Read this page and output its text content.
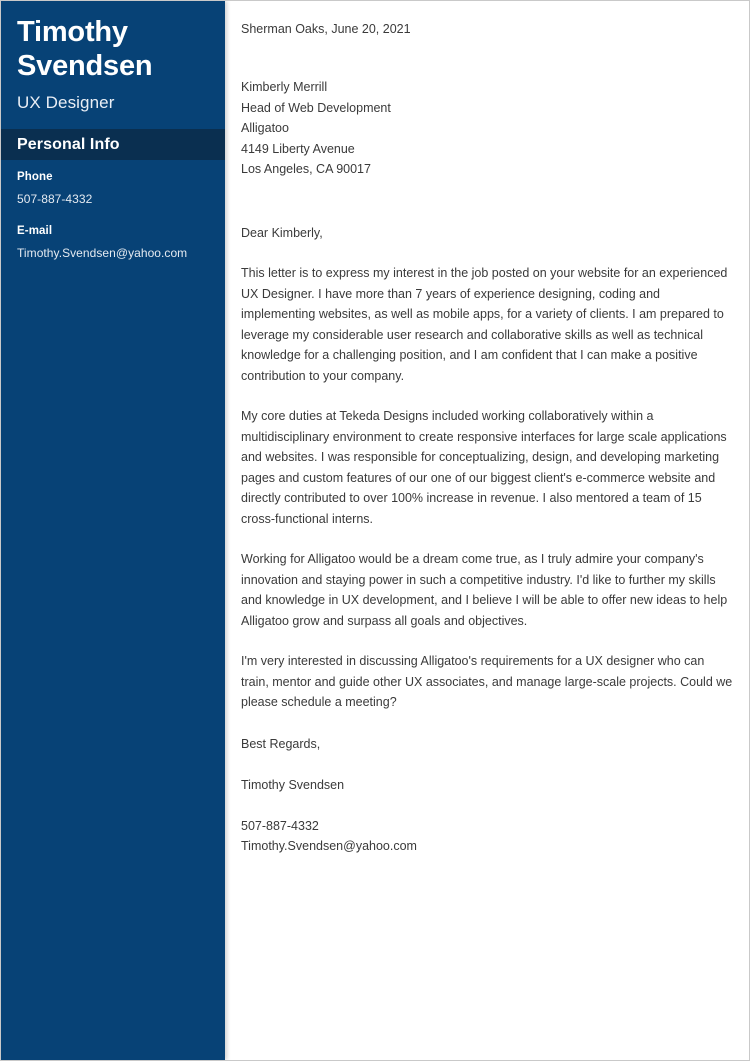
Timothy
Svendsen
UX Designer
Personal Info
Phone
507-887-4332
E-mail
Timothy.Svendsen@yahoo.com

Sherman Oaks, June 20, 2021

Kimberly Merrill

Head of Web Development

Alligatoo

4149 Liberty Avenue

Los Angeles, CA 90017

Dear Kimberly,

This letter is to express my interest in the job posted on your website for an experienced UX Designer. I have more than 7 years of experience designing, coding and implementing websites, as well as mobile apps, for a variety of clients. I am prepared to leverage my considerable user research and collaborative skills as well as technical knowledge for a challenging position, and I am confident that I can make a positive contribution to your company.

My core duties at Tekeda Designs included working collaboratively within a multidisciplinary environment to create responsive interfaces for large scale applications and websites. I was responsible for conceptualizing, design, and developing marketing pages and custom features of our one of our biggest client's e-commerce website and directly contributed to over 100% increase in revenue. I also mentored a team of 15 cross-functional interns.

Working for Alligatoo would be a dream come true, as I truly admire your company's innovation and staying power in such a competitive industry. I'd like to further my skills and knowledge in UX development, and I believe I will be able to offer new ideas to help Alligatoo grow and surpass all goals and objectives.

I'm very interested in discussing Alligatoo's requirements for a UX designer who can train, mentor and guide other UX associates, and manage large-scale projects. Could we please schedule a meeting?

Best Regards,

Timothy Svendsen

507-887-4332

Timothy.Svendsen@yahoo.com
